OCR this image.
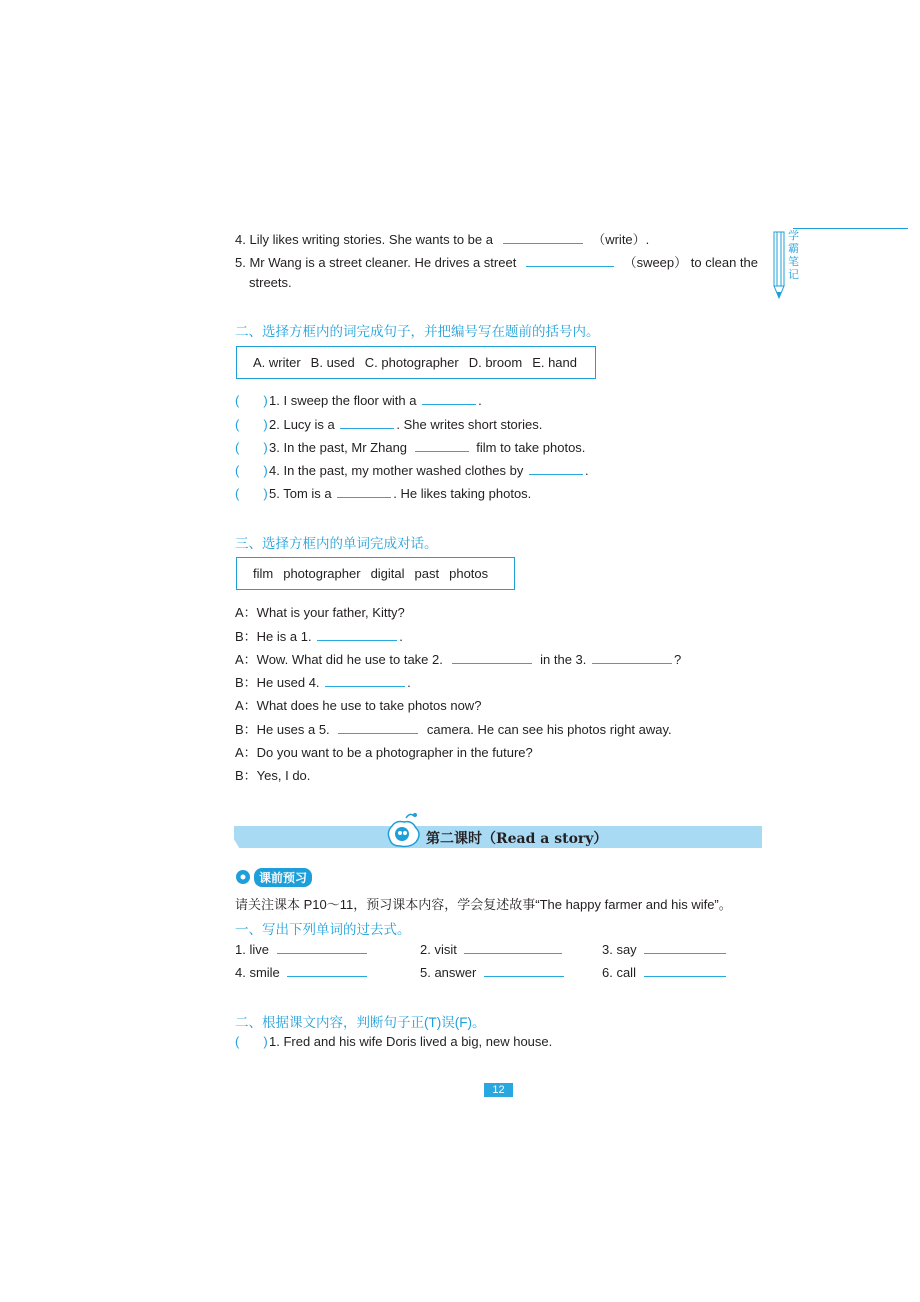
学
霸
笔
记
4. Lily likes writing stories. She wants to be a	（write）.
5. Mr Wang is a street cleaner. He drives a street	（sweep） to clean the
streets.
二、选择方框内的词完成句子，并把编号写在题前的括号内。
A. writer B. used C. photographer D. broom E. hand
( )1. I sweep the floor with a	.
( )2. Lucy is a	. She writes short stories.
( )3. In the past, Mr Zhang	film to take photos.
( )4. In the past, my mother washed clothes by	.
( )5. Tom is a	. He likes taking photos.
三、选择方框内的单词完成对话。
film photographer digital past photos
A：What is your father, Kitty?
B：He is a 1.	.
A：Wow. What did he use to take 2.	in the 3.	?
B：He used 4.	.
A：What does he use to take photos now?
B：He uses a 5.	camera. He can see his photos right away.
A：Do you want to be a photographer in the future?
B：Yes, I do.
第二课时（Read a story）
课前预习
请关注课本 P10～11，预习课本内容，学会复述故事“The happy farmer and his wife”。
一、写出下列单词的过去式。
1. live	2. visit	3. say
4. smile	5. answer	6. call
二、根据课文内容，判断句子正(T)误(F)。
( )1. Fred and his wife Doris lived a big, new house.
12
